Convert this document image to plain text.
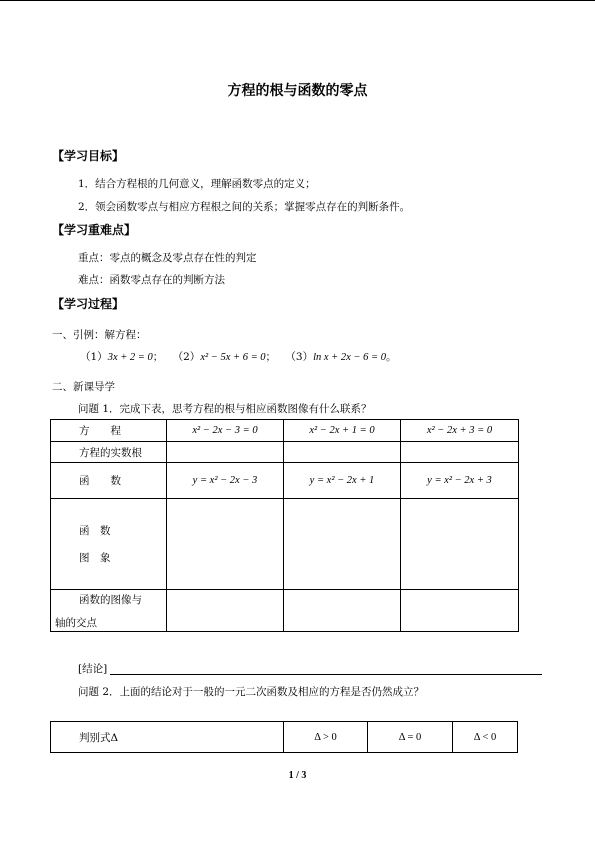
方程的根与函数的零点
【学习目标】
1．结合方程根的几何意义，理解函数零点的定义；
2．领会函数零点与相应方程根之间的关系；掌握零点存在的判断条件。
【学习重难点】
重点：零点的概念及零点存在性的判定
难点：函数零点存在的判断方法
【学习过程】
一、引例：解方程：
（1）3x + 2 = 0； （2）x² − 5x + 6 = 0； （3）ln x + 2x − 6 = 0。
二、新课导学
问题 1．完成下表，思考方程的根与相应函数图像有什么联系？
方　　程	x² − 2x − 3 = 0	x² − 2x + 1 = 0	x² − 2x + 3 = 0
方程的实数根			
函　　数	y = x² − 2x − 3	y = x² − 2x + 1	y = x² − 2x + 3

函　数
图　象			

函数的图像与
轴的交点			

[结论]
问题 2．上面的结论对于一般的一元二次函数及相应的方程是否仍然成立？
判别式Δ	Δ > 0	Δ = 0	Δ < 0
1 / 3
